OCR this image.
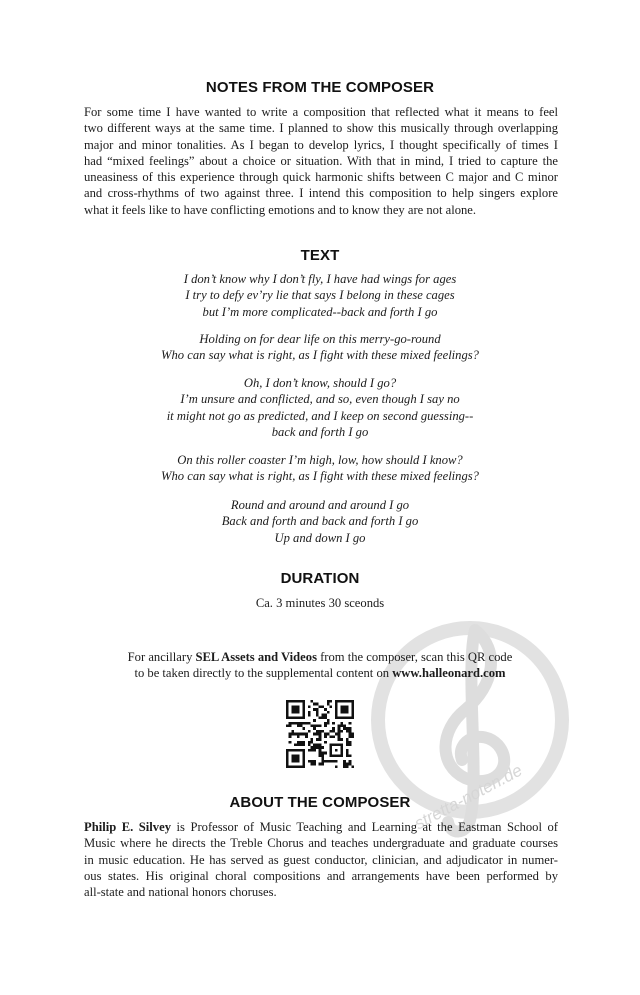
stretta-noten.de
NOTES FROM THE COMPOSER
For some time I have wanted to write a composition that reflected what it means to feel
two different ways at the same time. I planned to show this musically through overlapping
major and minor tonalities. As I began to develop lyrics, I thought specifically of times I
had “mixed feelings” about a choice or situation. With that in mind, I tried to capture the
uneasiness of this experience through quick harmonic shifts between C major and C minor
and cross-rhythms of two against three. I intend this composition to help singers explore
what it feels like to have conflicting emotions and to know they are not alone.
TEXT
I don’t know why I don’t fly, I have had wings for ages
I try to defy ev’ry lie that says I belong in these cages
but I’m more complicated--back and forth I go
Holding on for dear life on this merry-go-round
Who can say what is right, as I fight with these mixed feelings?
Oh, I don’t know, should I go?
I’m unsure and conflicted, and so, even though I say no
it might not go as predicted, and I keep on second guessing--
back and forth I go
On this roller coaster I’m high, low, how should I know?
Who can say what is right, as I fight with these mixed feelings?
Round and around and around I go
Back and forth and back and forth I go
Up and down I go
DURATION
Ca. 3 minutes 30 sceonds
For ancillary SEL Assets and Videos from the composer, scan this QR code
to be taken directly to the supplemental content on www.halleonard.com
ABOUT THE COMPOSER
Philip E. Silvey is Professor of Music Teaching and Learning at the Eastman School of
Music where he directs the Treble Chorus and teaches undergraduate and graduate courses
in music education. He has served as guest conductor, clinician, and adjudicator in numer-
ous states. His original choral compositions and arrangements have been performed by
all-state and national honors choruses.
